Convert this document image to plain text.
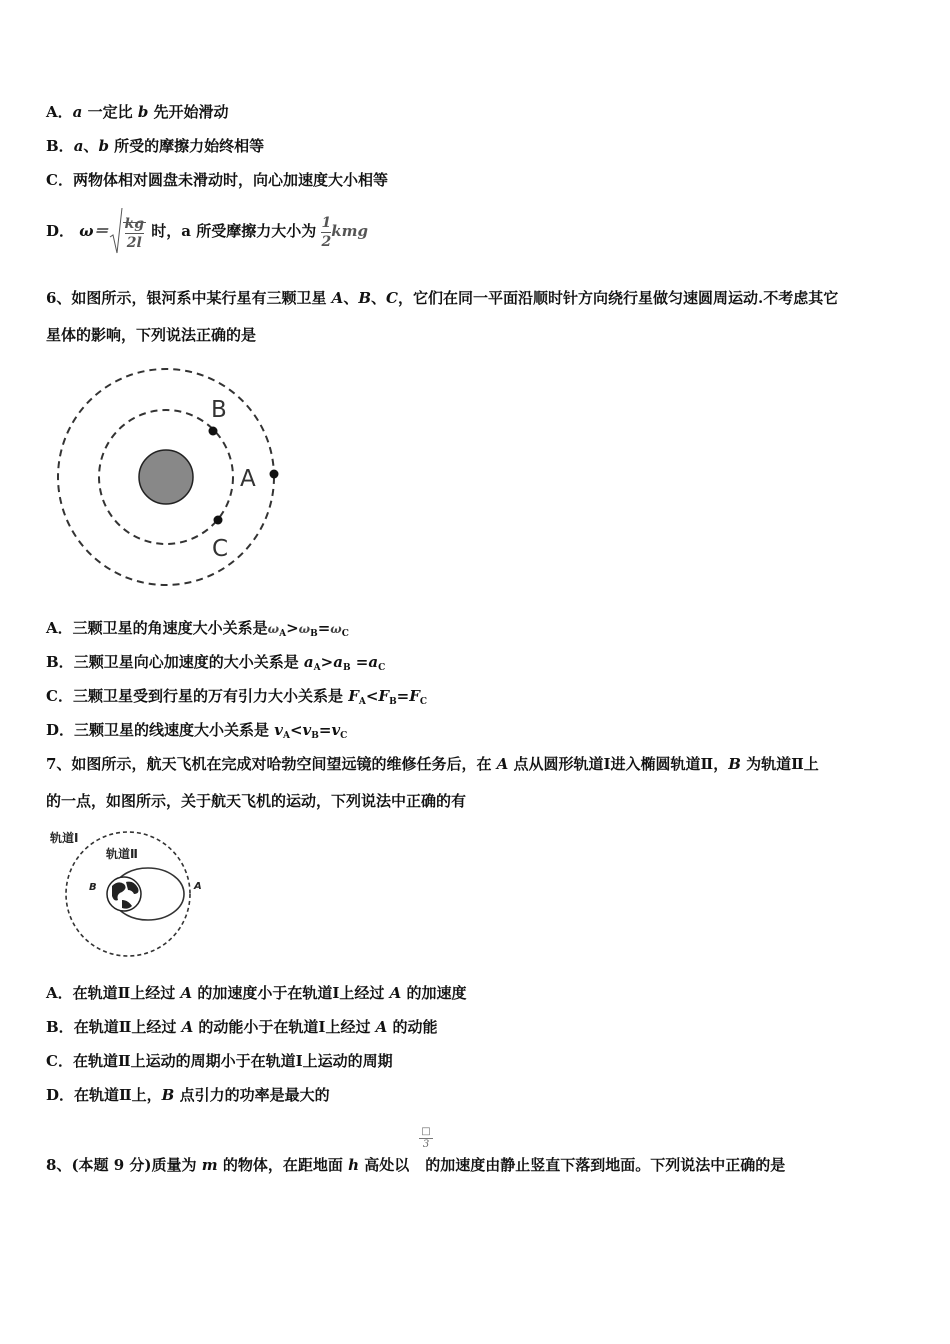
A．a 一定比 b 先开始滑动
B．a、b 所受的摩擦力始终相等
C．两物体相对圆盘未滑动时，向心加速度大小相等
D． $\omega= \frac{kg}{2l}$ 时，a 所受摩擦力大小为 $\frac{1}{2}$ kmg
6、如图所示，银河系中某行星有三颗卫星 A、B、C，它们在同一平面沿顺时针方向绕行星做匀速圆周运动.不考虑其它
星体的影响，下列说法正确的是
B
A
C
A．三颗卫星的角速度大小关系是$\omega_A>\omega_B=\omega_C$
B．三颗卫星向心加速度的大小关系是 $a_A>a_B =a_C$
C．三颗卫星受到行星的万有引力大小关系是 $F_A<F_B=F_C$
D．三颗卫星的线速度大小关系是 $v_A<v_B=v_C$
7、如图所示，航天飞机在完成对哈勃空间望远镜的维修任务后，在 A 点从圆形轨道Ⅰ进入椭圆轨道Ⅱ，B 为轨道Ⅱ上
的一点，如图所示，关于航天飞机的运动，下列说法中正确的有
轨道Ⅰ
轨道Ⅱ
B	A
A．在轨道Ⅱ上经过 A 的加速度小于在轨道Ⅰ上经过 A 的加速度
B．在轨道Ⅱ上经过 A 的动能小于在轨道Ⅰ上经过 A 的动能
C．在轨道Ⅱ上运动的周期小于在轨道Ⅰ上运动的周期
D．在轨道Ⅱ上，B 点引力的功率是最大的
8、(本题 9 分)质量为 m 的物体，在距地面 h 高处以 的加速度由静止竖直下落到地面。下列说法中正确的是
□
3
